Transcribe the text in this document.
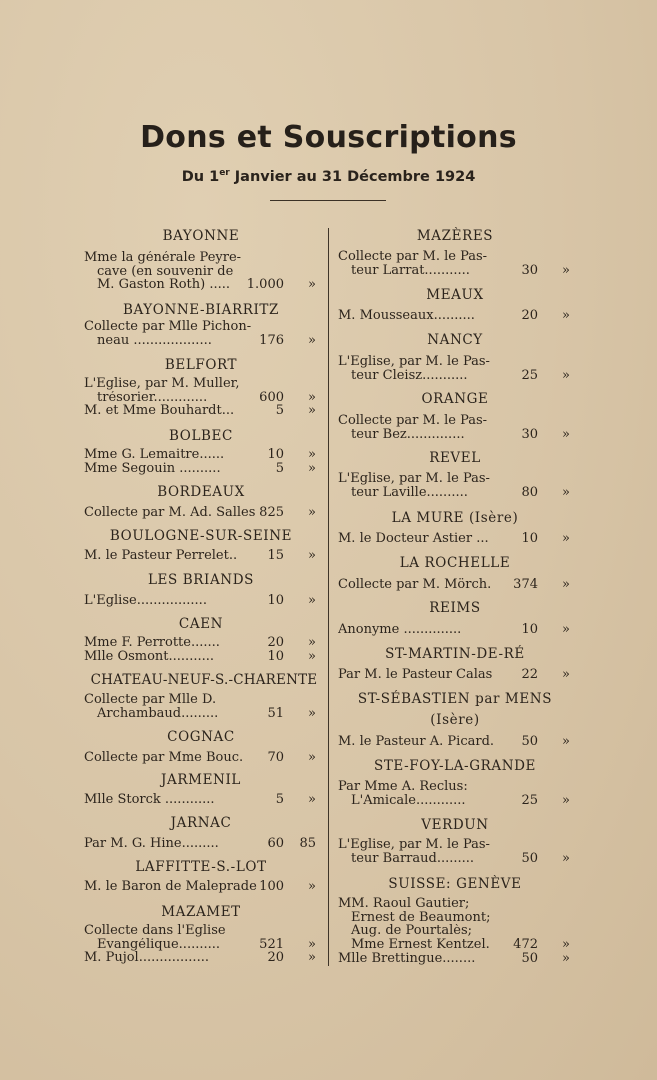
Dons et Souscriptions
Du 1er Janvier au 31 Décembre 1924
BAYONNE
Mme la générale Peyre-
cave (en souvenir de
M. Gaston Roth) .....	1.000 »
BAYONNE-BIARRITZ
Collecte par Mlle Pichon-
neau ...................	176 »
BELFORT
L'Eglise, par M. Muller,
trésorier.............	600 »
M. et Mme Bouhardt...	5 »
BOLBEC
Mme G. Lemaitre......	10 »
Mme Segouin ..........	5 »
BORDEAUX
Collecte par M. Ad. Salles 825 »
BOULOGNE-SUR-SEINE
M. le Pasteur Perrelet..	15 »
LES BRIANDS
L'Eglise.................	10 »
CAEN
Mme F. Perrotte.......	20 »
Mlle Osmont...........	10 »
CHATEAU-NEUF-S.-CHARENTE
Collecte par Mlle D.
Archambaud.........	51 »
COGNAC
Collecte par Mme Bouc.	70 »
JARMENIL
Mlle Storck ............	5 »
JARNAC
Par M. G. Hine.........	60 85
LAFFITTE-S.-LOT
M. le Baron de Maleprade 100 »
MAZAMET
Collecte dans l'Eglise
Evangélique..........	521 »
M. Pujol.................	20 »
MAZÈRES
Collecte par M. le Pas-
teur Larrat...........	30 »
MEAUX
M. Mousseaux..........	20 »
NANCY
L'Eglise, par M. le Pas-
teur Cleisz...........	25 »
ORANGE
Collecte par M. le Pas-
teur Bez..............	30 »
REVEL
L'Eglise, par M. le Pas-
teur Laville..........	80 »
LA MURE (Isère)
M. le Docteur Astier ...	10 »
LA ROCHELLE
Collecte par M. Mörch.	374 »
REIMS
Anonyme ..............	10 »
ST-MARTIN-DE-RÉ
Par M. le Pasteur Calas	22 »
ST-SÉBASTIEN par MENS
(Isère)
M. le Pasteur A. Picard.	50 »
STE-FOY-LA-GRANDE
Par Mme A. Reclus:
L'Amicale............	25 »
VERDUN
L'Eglise, par M. le Pas-
teur Barraud.........	50 »
SUISSE: GENÈVE
MM. Raoul Gautier;
Ernest de Beaumont;
Aug. de Pourtalès;
Mme Ernest Kentzel.	472 »
Mlle Brettingue........	50 »
